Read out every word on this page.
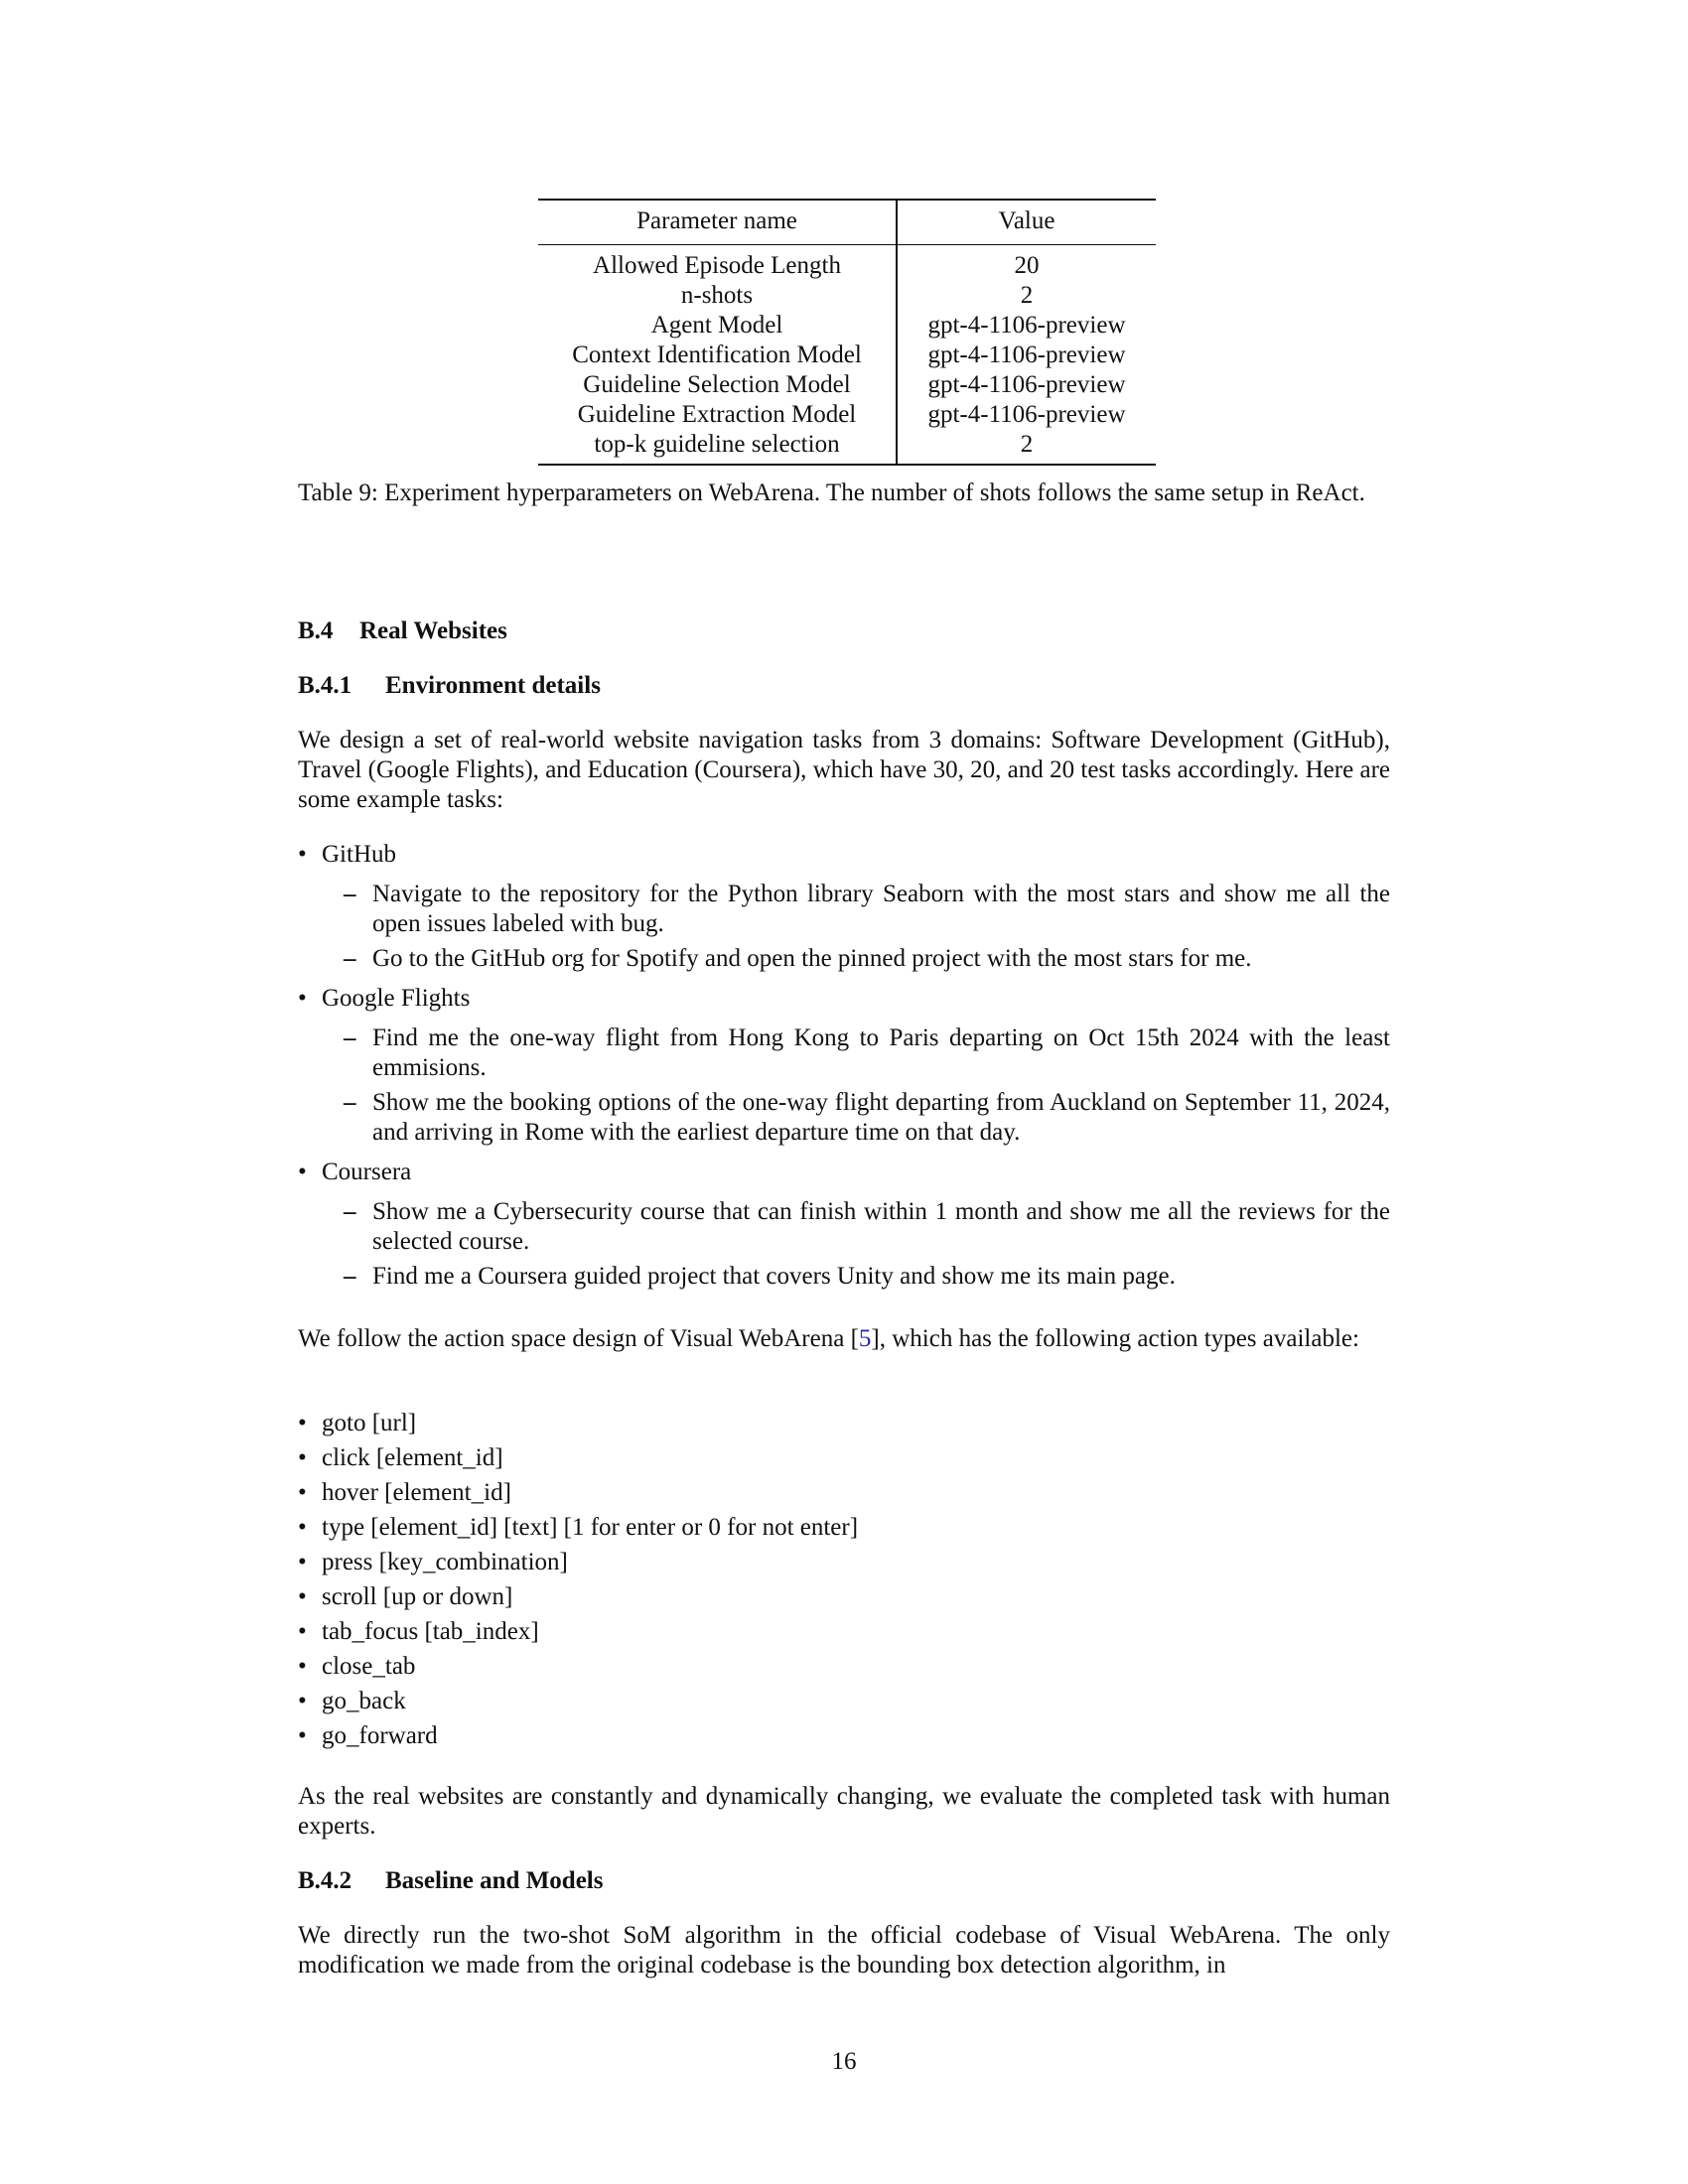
Parameter name	Value
Allowed Episode Length	20
n-shots	2
Agent Model	gpt-4-1106-preview
Context Identification Model	gpt-4-1106-preview
Guideline Selection Model	gpt-4-1106-preview
Guideline Extraction Model	gpt-4-1106-preview
top-k guideline selection	2
Table 9: Experiment hyperparameters on WebArena. The number of shots follows the same setup in ReAct.
B.4 Real Websites
B.4.1 Environment details
We design a set of real-world website navigation tasks from 3 domains: Software Development (GitHub), Travel (Google Flights), and Education (Coursera), which have 30, 20, and 20 test tasks accordingly. Here are some example tasks:
• GitHub
– Navigate to the repository for the Python library Seaborn with the most stars and show me all the open issues labeled with bug.
– Go to the GitHub org for Spotify and open the pinned project with the most stars for me.
• Google Flights
– Find me the one-way flight from Hong Kong to Paris departing on Oct 15th 2024 with the least emmisions.
– Show me the booking options of the one-way flight departing from Auckland on September 11, 2024, and arriving in Rome with the earliest departure time on that day.
• Coursera
– Show me a Cybersecurity course that can finish within 1 month and show me all the reviews for the selected course.
– Find me a Coursera guided project that covers Unity and show me its main page.
We follow the action space design of Visual WebArena [5], which has the following action types available:
• goto [url]
• click [element_id]
• hover [element_id]
• type [element_id] [text] [1 for enter or 0 for not enter]
• press [key_combination]
• scroll [up or down]
• tab_focus [tab_index]
• close_tab
• go_back
• go_forward
As the real websites are constantly and dynamically changing, we evaluate the completed task with human experts.
B.4.2 Baseline and Models
We directly run the two-shot SoM algorithm in the official codebase of Visual WebArena. The only modification we made from the original codebase is the bounding box detection algorithm, in
16
